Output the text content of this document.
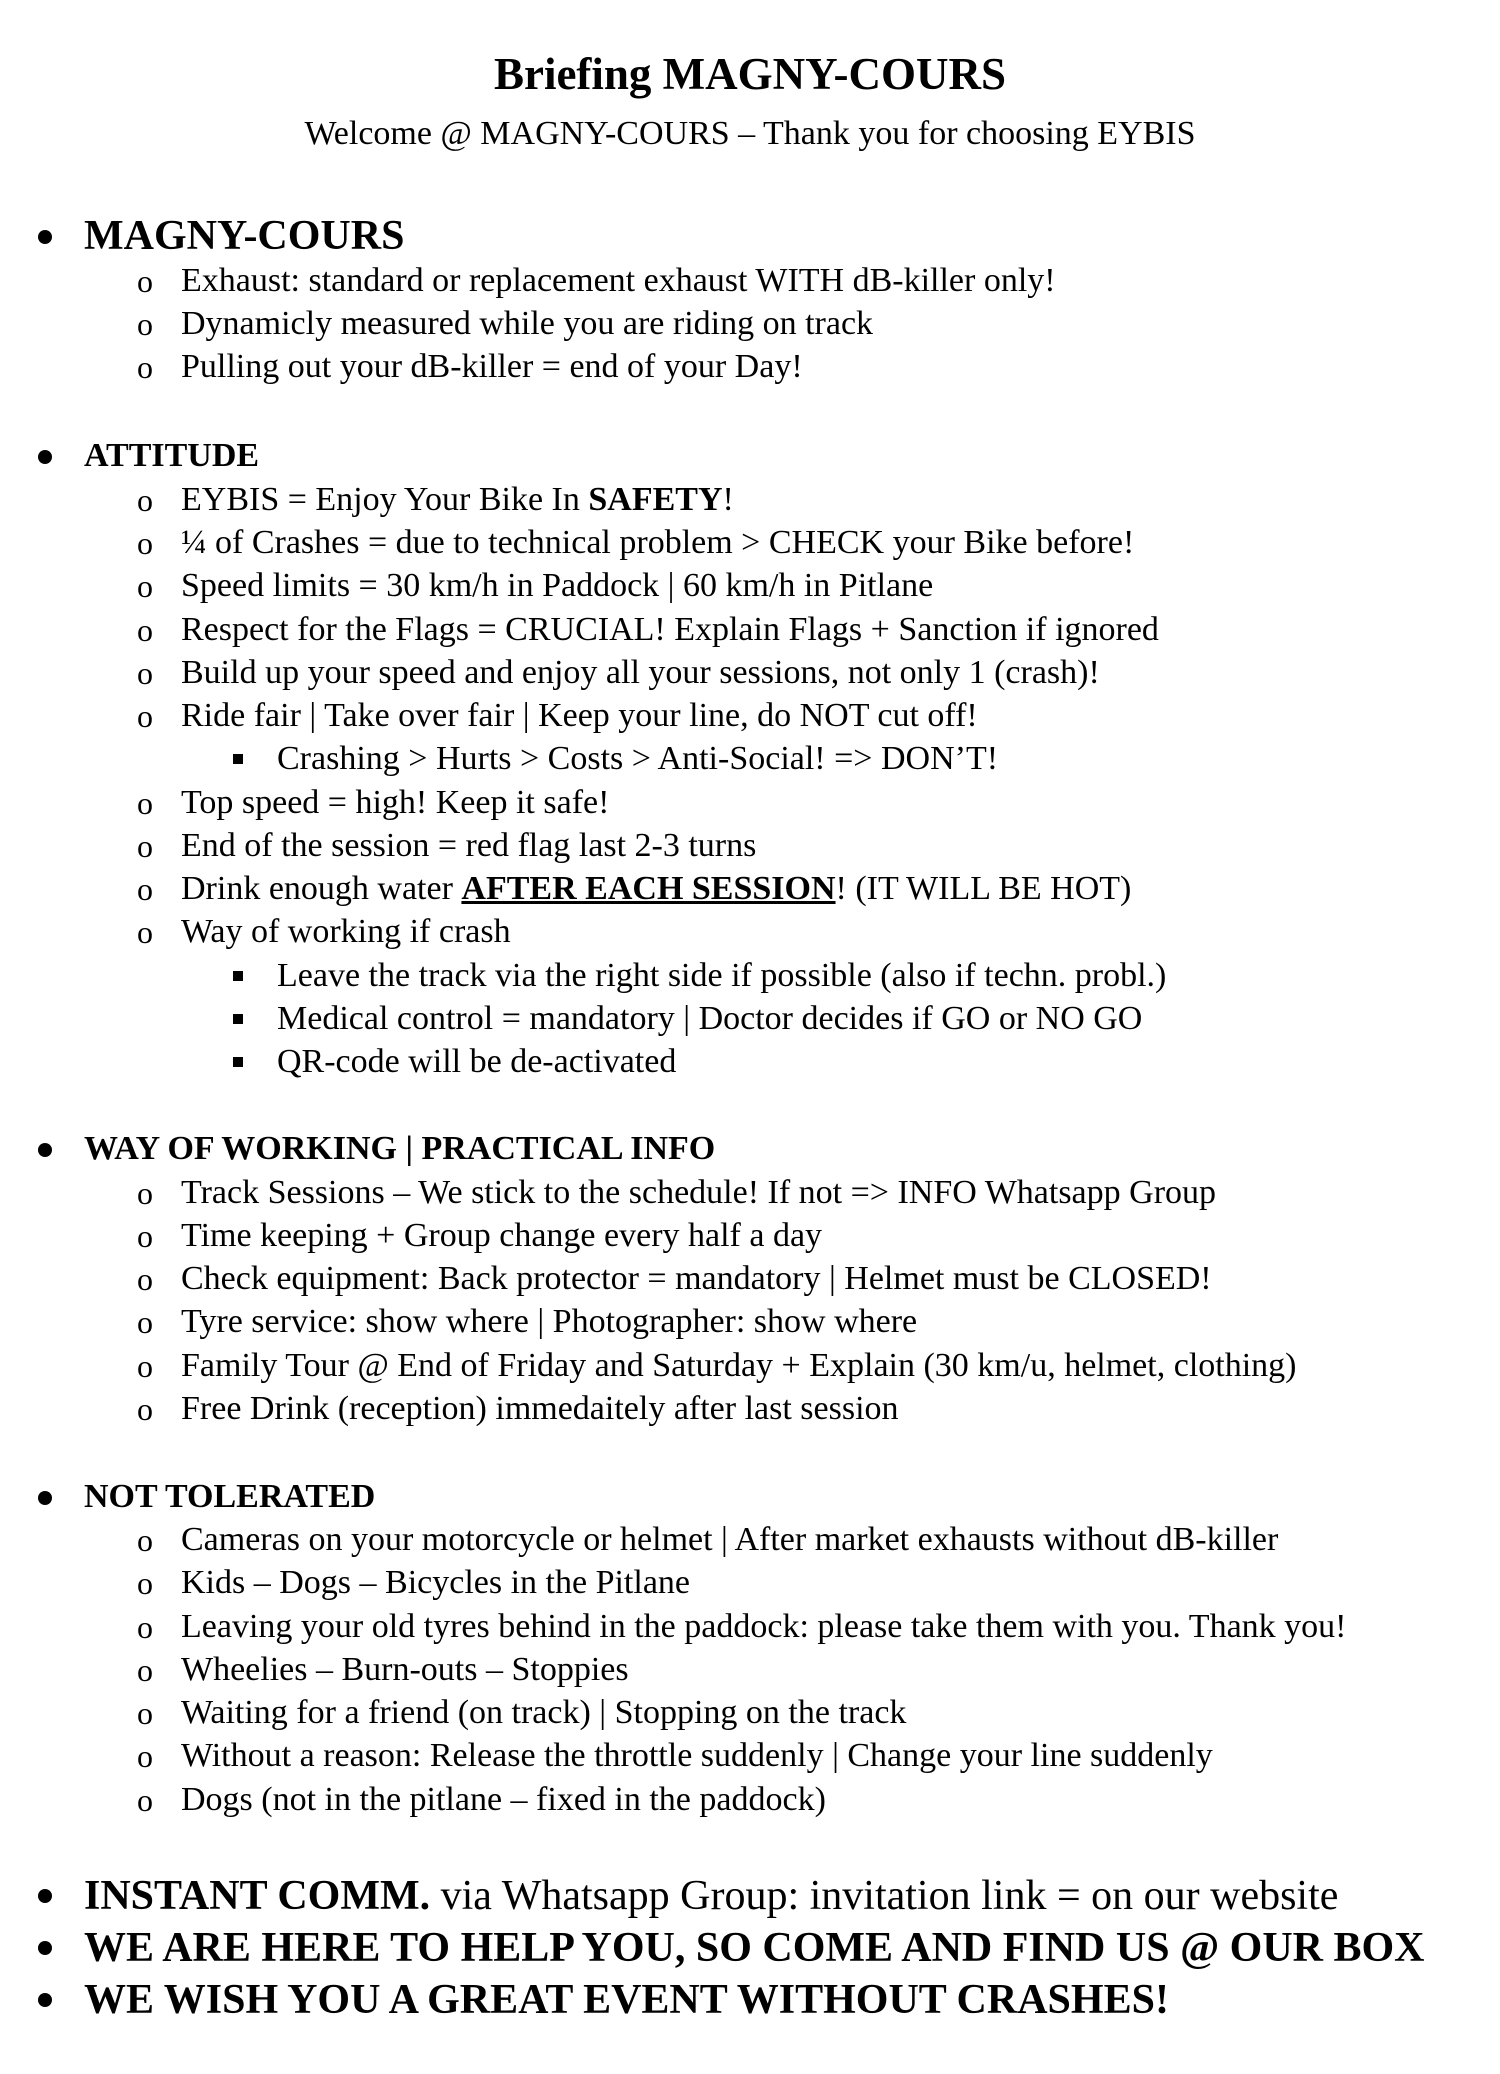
Briefing MAGNY-COURS

Welcome @ MAGNY-COURS – Thank you for choosing EYBIS

MAGNY-COURS
o Exhaust: standard or replacement exhaust WITH dB-killer only!
o Dynamicly measured while you are riding on track
o Pulling out your dB-killer = end of your Day!
ATTITUDE
o EYBIS = Enjoy Your Bike In SAFETY!
o ¼ of Crashes = due to technical problem > CHECK your Bike before!
o Speed limits = 30 km/h in Paddock | 60 km/h in Pitlane
o Respect for the Flags = CRUCIAL! Explain Flags + Sanction if ignored
o Build up your speed and enjoy all your sessions, not only 1 (crash)!
o Ride fair | Take over fair | Keep your line, do NOT cut off!
Crashing > Hurts > Costs > Anti-Social! => DON’T!
o Top speed = high! Keep it safe!
o End of the session = red flag last 2-3 turns
o Drink enough water AFTER EACH SESSION! (IT WILL BE HOT)
o Way of working if crash
Leave the track via the right side if possible (also if techn. probl.)
Medical control = mandatory | Doctor decides if GO or NO GO
QR-code will be de-activated
WAY OF WORKING | PRACTICAL INFO
o Track Sessions – We stick to the schedule! If not => INFO Whatsapp Group
o Time keeping + Group change every half a day
o Check equipment: Back protector = mandatory | Helmet must be CLOSED!
o Tyre service: show where | Photographer: show where
o Family Tour @ End of Friday and Saturday + Explain (30 km/u, helmet, clothing)
o Free Drink (reception) immedaitely after last session
NOT TOLERATED
o Cameras on your motorcycle or helmet | After market exhausts without dB-killer
o Kids – Dogs – Bicycles in the Pitlane
o Leaving your old tyres behind in the paddock: please take them with you. Thank you!
o Wheelies – Burn-outs – Stoppies
o Waiting for a friend (on track) | Stopping on the track
o Without a reason: Release the throttle suddenly | Change your line suddenly
o Dogs (not in the pitlane – fixed in the paddock)
INSTANT COMM. via Whatsapp Group: invitation link = on our website
WE ARE HERE TO HELP YOU, SO COME AND FIND US @ OUR BOX
WE WISH YOU A GREAT EVENT WITHOUT CRASHES!
